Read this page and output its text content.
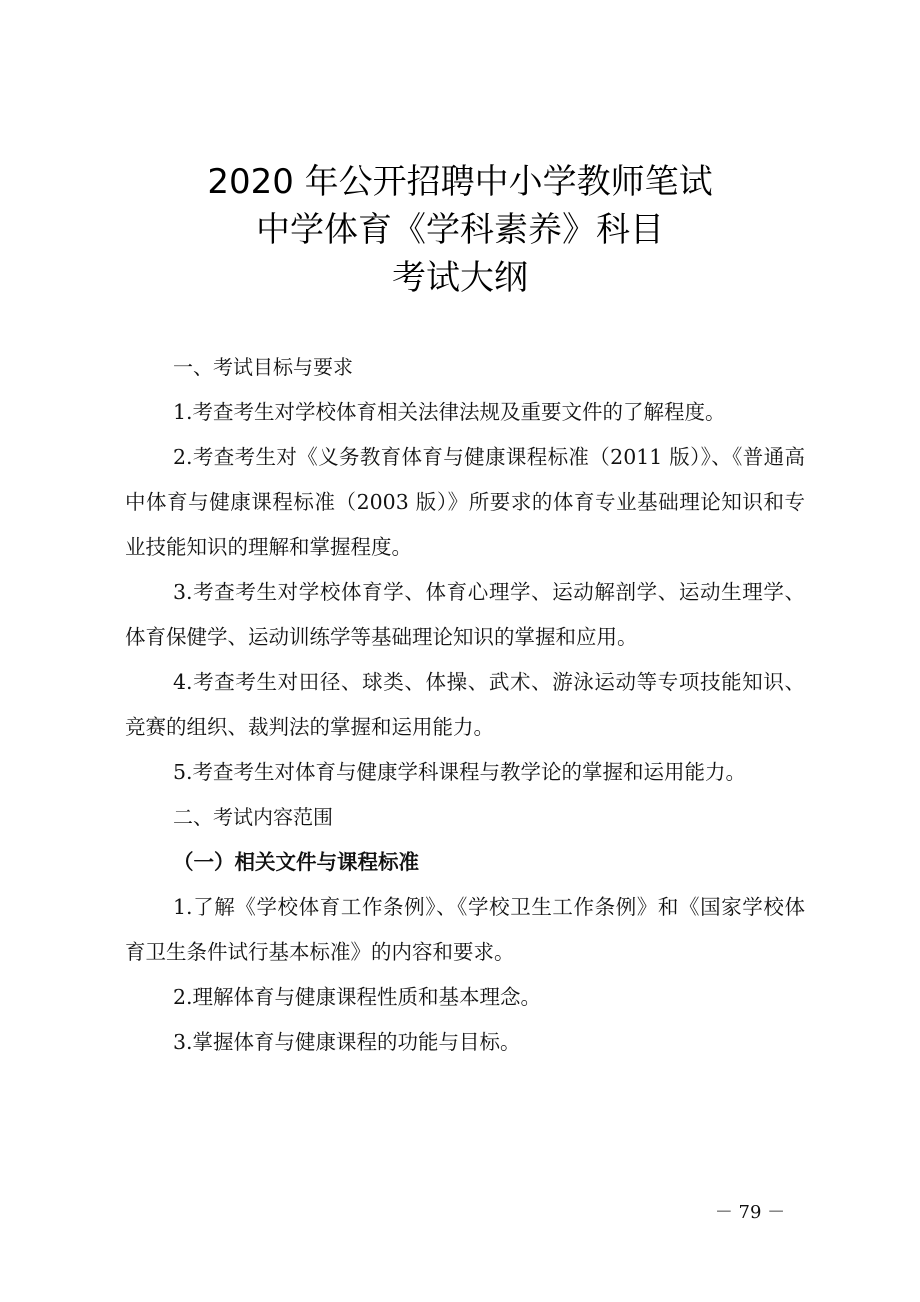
2020 年公开招聘中小学教师笔试
中学体育《学科素养》科目
考试大纲

一、考试目标与要求

1.考查考生对学校体育相关法律法规及重要文件的了解程度。

2.考查考生对《义务教育体育与健康课程标准（2011 版）》、《普通高中体育与健康课程标准（2003 版）》所要求的体育专业基础理论知识和专业技能知识的理解和掌握程度。

3.考查考生对学校体育学、体育心理学、运动解剖学、运动生理学、体育保健学、运动训练学等基础理论知识的掌握和应用。

4.考查考生对田径、球类、体操、武术、游泳运动等专项技能知识、竞赛的组织、裁判法的掌握和运用能力。

5.考查考生对体育与健康学科课程与教学论的掌握和运用能力。

二、考试内容范围

（一）相关文件与课程标准

1.了解《学校体育工作条例》、《学校卫生工作条例》和《国家学校体育卫生条件试行基本标准》的内容和要求。

2.理解体育与健康课程性质和基本理念。

3.掌握体育与健康课程的功能与目标。

－ 79 －
